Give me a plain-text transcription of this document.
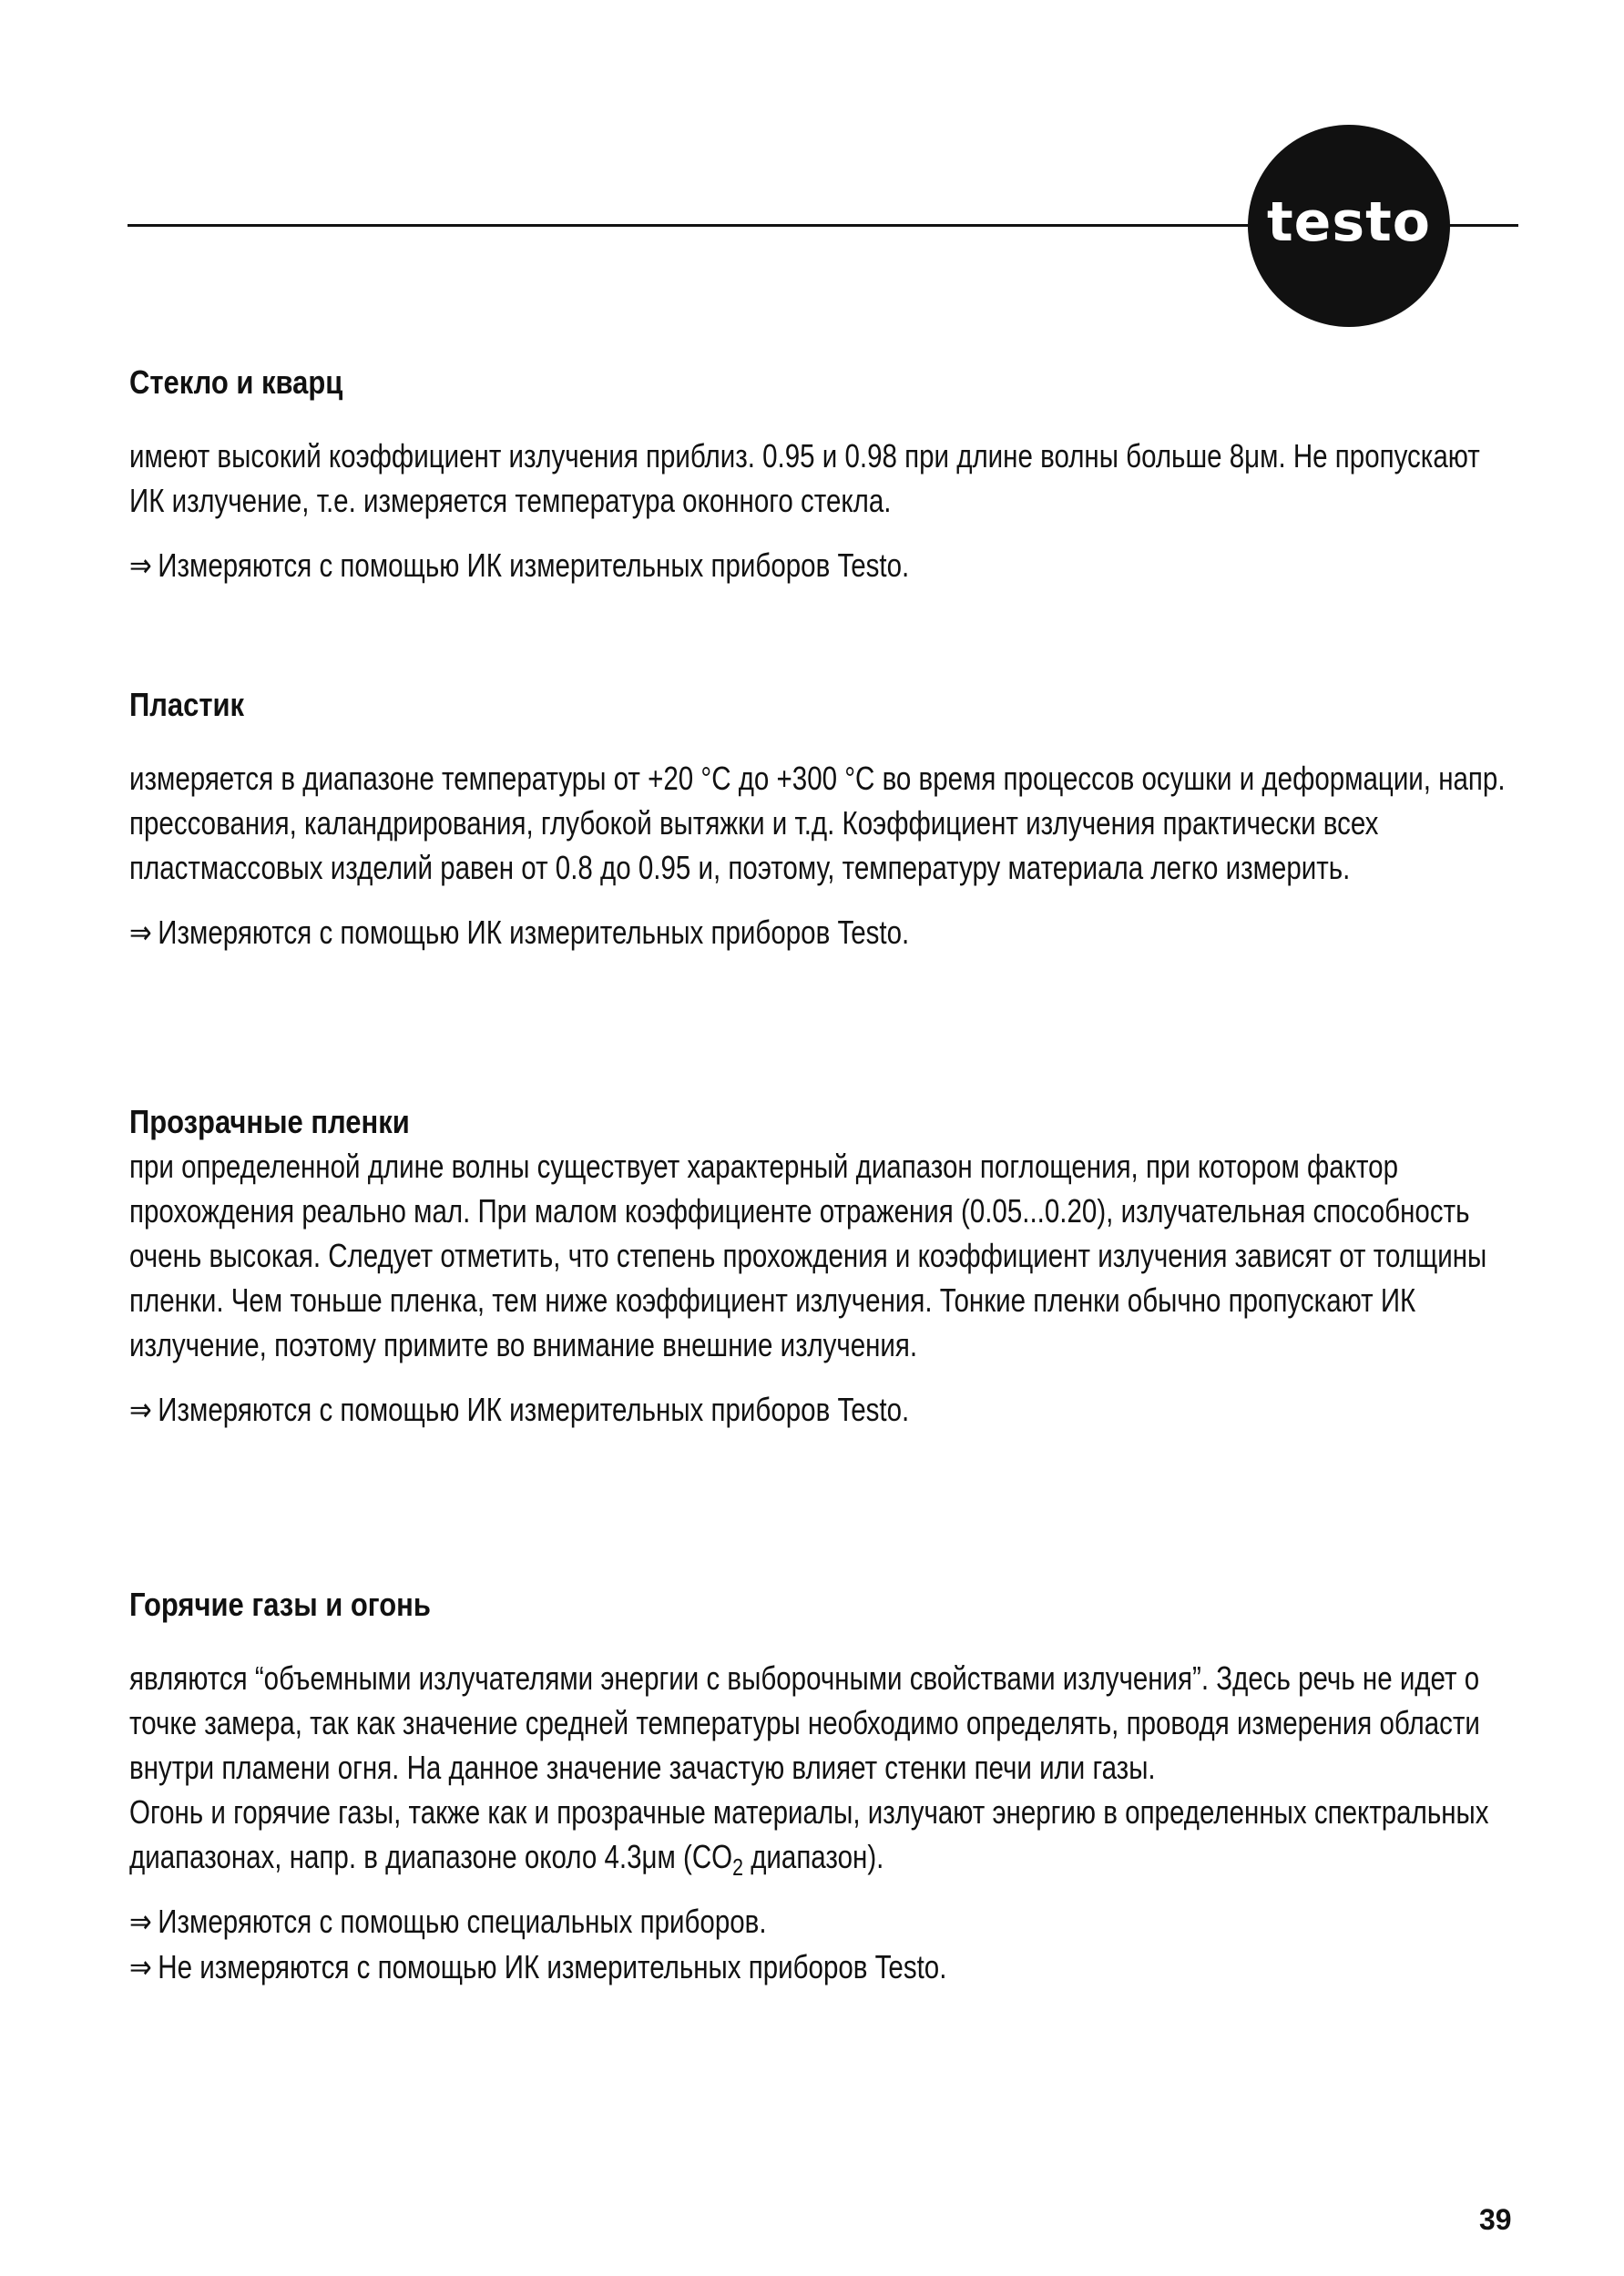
testo
Стекло и кварц

имеют высокий коэффициент излучения приблиз. 0.95 и 0.98 при длине волны больше 8μм. Не пропускают ИК излучение, т.е. измеряется температура оконного стекла.

⇒ Измеряются с помощью ИК измерительных приборов Testo.

Пластик

измеряется в диапазоне температуры от +20 °C до +300 °C во время процессов осушки и деформации, напр. прессования, каландрирования, глубокой вытяжки и т.д. Коэффициент излучения практически всех пластмассовых изделий равен от 0.8 до 0.95 и, поэтому, температуру материала легко измерить.

⇒ Измеряются с помощью ИК измерительных приборов Testo.

Прозрачные пленки

при определенной длине волны существует характерный диапазон поглощения, при котором фактор прохождения реально мал. При малом коэффициенте отражения (0.05...0.20), излучательная способность очень высокая. Следует отметить, что степень прохождения и коэффициент излучения зависят от толщины пленки. Чем тоньше пленка, тем ниже коэффициент излучения. Тонкие пленки обычно пропускают ИК излучение, поэтому примите во внимание внешние излучения.

⇒ Измеряются с помощью ИК измерительных приборов Testo.

Горячие газы и огонь

являются “объемными излучателями энергии с выборочными свойствами излучения”. Здесь речь не идет о точке замера, так как значение средней температуры необходимо определять, проводя измерения области внутри пламени огня. На данное значение зачастую влияет стенки печи или газы.

Огонь и горячие газы, также как и прозрачные материалы, излучают энергию в определенных спектральных диапазонах, напр. в диапазоне около 4.3μм ($CO_2$ диапазон).

⇒ Измеряются с помощью специальных приборов.

⇒ Не измеряются с помощью ИК измерительных приборов Testo.

39
